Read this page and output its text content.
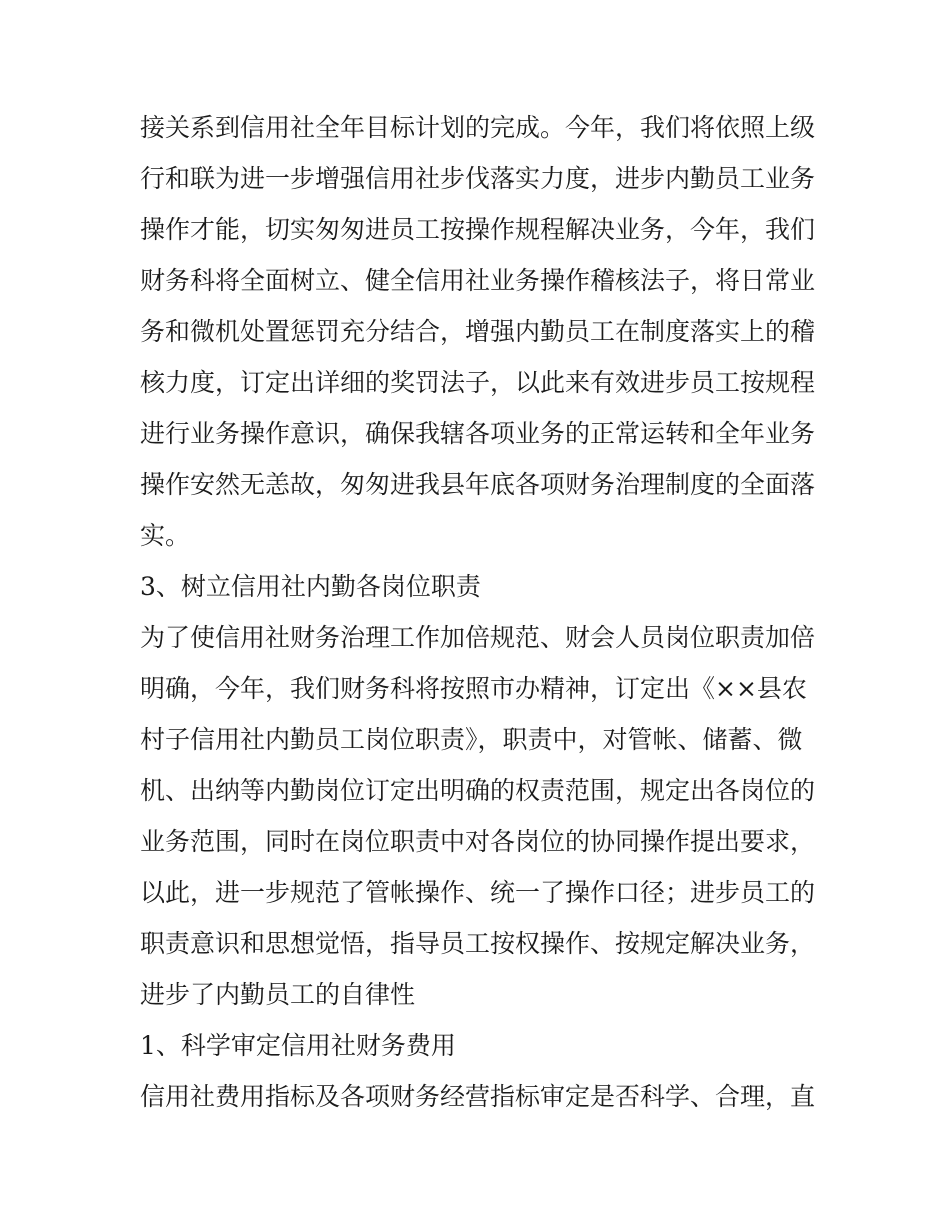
接关系到信用社全年目标计划的完成。今年，我们将依照上级
行和联为进一步增强信用社步伐落实力度，进步内勤员工业务
操作才能，切实匆匆进员工按操作规程解决业务，今年，我们
财务科将全面树立、健全信用社业务操作稽核法子，将日常业
务和微机处置惩罚充分结合，增强内勤员工在制度落实上的稽
核力度，订定出详细的奖罚法子，以此来有效进步员工按规程
进行业务操作意识，确保我辖各项业务的正常运转和全年业务
操作安然无恙故，匆匆进我县年底各项财务治理制度的全面落
实。
3、树立信用社内勤各岗位职责
为了使信用社财务治理工作加倍规范、财会人员岗位职责加倍
明确，今年，我们财务科将按照市办精神，订定出《××县农
村子信用社内勤员工岗位职责》，职责中，对管帐、储蓄、微
机、出纳等内勤岗位订定出明确的权责范围，规定出各岗位的
业务范围，同时在岗位职责中对各岗位的协同操作提出要求，
以此，进一步规范了管帐操作、统一了操作口径；进步员工的
职责意识和思想觉悟，指导员工按权操作、按规定解决业务，
进步了内勤员工的自律性
1、科学审定信用社财务费用
信用社费用指标及各项财务经营指标审定是否科学、合理，直
